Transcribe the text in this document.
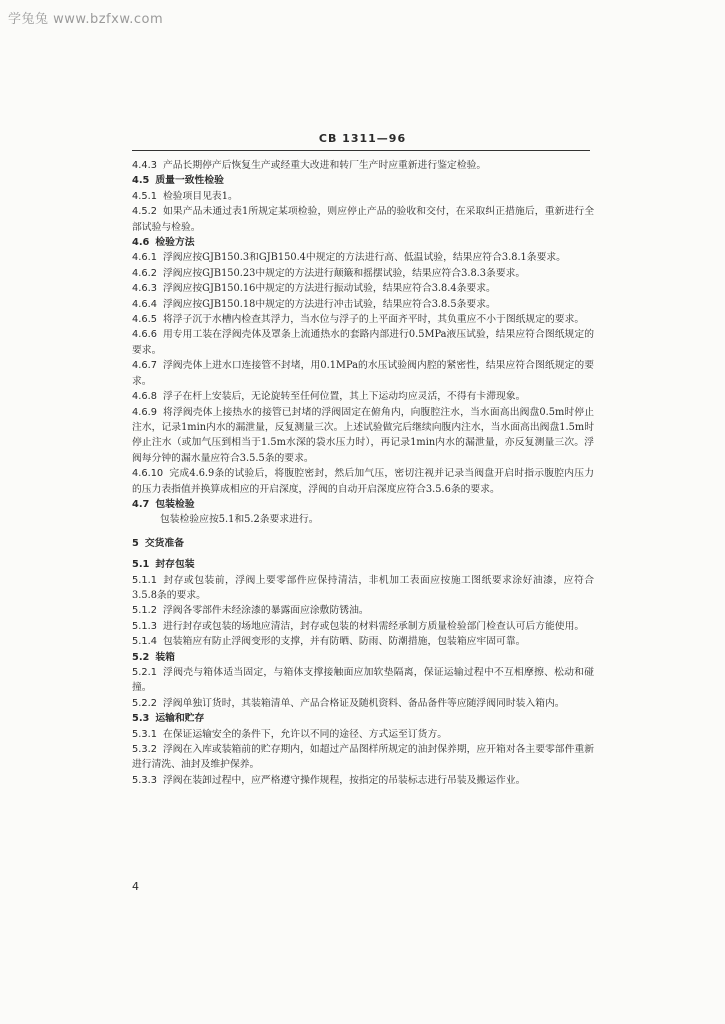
学兔兔 www.bzfxw.com
CB 1311—96
4.4.3 产品长期停产后恢复生产或经重大改进和转厂生产时应重新进行鉴定检验。
4.5 质量一致性检验
4.5.1 检验项目见表1。
4.5.2 如果产品未通过表1所规定某项检验，则应停止产品的验收和交付，在采取纠正措施后，重新进行全部试验与检验。
4.6 检验方法
4.6.1 浮阀应按GJB150.3和GJB150.4中规定的方法进行高、低温试验，结果应符合3.8.1条要求。
4.6.2 浮阀应按GJB150.23中规定的方法进行颠簸和摇摆试验，结果应符合3.8.3条要求。
4.6.3 浮阀应按GJB150.16中规定的方法进行振动试验，结果应符合3.8.4条要求。
4.6.4 浮阀应按GJB150.18中规定的方法进行冲击试验，结果应符合3.8.5条要求。
4.6.5 将浮子沉于水槽内检查其浮力，当水位与浮子的上平面齐平时，其负重应不小于图纸规定的要求。
4.6.6 用专用工装在浮阀壳体及罩条上流通热水的套路内部进行0.5MPa液压试验，结果应符合图纸规定的要求。
4.6.7 浮阀壳体上进水口连接管不封堵，用0.1MPa的水压试验阀内腔的紧密性，结果应符合图纸规定的要求。
4.6.8 浮子在杆上安装后，无论旋转至任何位置，其上下运动均应灵活，不得有卡滞现象。
4.6.9 将浮阀壳体上接热水的接管已封堵的浮阀固定在俯角内，向腹腔注水，当水面高出阀盘0.5m时停止注水，记录1min内水的漏泄量，反复测量三次。上述试验做完后继续向腹内注水，当水面高出阀盘1.5m时停止注水（或加气压到相当于1.5m水深的袋水压力时），再记录1min内水的漏泄量，亦反复测量三次。浮阀每分钟的漏水量应符合3.5.5条的要求。
4.6.10 完成4.6.9条的试验后，将腹腔密封，然后加气压，密切注视并记录当阀盘开启时指示腹腔内压力的压力表指值并换算成相应的开启深度，浮阀的自动开启深度应符合3.5.6条的要求。
4.7 包装检验
包装检验应按5.1和5.2条要求进行。
5 交货准备
5.1 封存包装
5.1.1 封存或包装前，浮阀上要零部件应保持清洁，非机加工表面应按施工图纸要求涂好油漆，应符合3.5.8条的要求。
5.1.2 浮阀各零部件未经涂漆的暴露面应涂敷防锈油。
5.1.3 进行封存或包装的场地应清洁，封存或包装的材料需经承制方质量检验部门检查认可后方能使用。
5.1.4 包装箱应有防止浮阀变形的支撑，并有防晒、防雨、防潮措施，包装箱应牢固可靠。
5.2 装箱
5.2.1 浮阀壳与箱体适当固定，与箱体支撑接触面应加软垫隔离，保证运输过程中不互相摩擦、松动和碰撞。
5.2.2 浮阀单独订货时，其装箱清单、产品合格证及随机资料、备品备件等应随浮阀同时装入箱内。
5.3 运输和贮存
5.3.1 在保证运输安全的条件下，允许以不同的途径、方式运至订货方。
5.3.2 浮阀在入库或装箱前的贮存期内，如超过产品图样所规定的油封保养期，应开箱对各主要零部件重新进行清洗、油封及维护保养。
5.3.3 浮阀在装卸过程中，应严格遵守操作规程，按指定的吊装标志进行吊装及搬运作业。
4
